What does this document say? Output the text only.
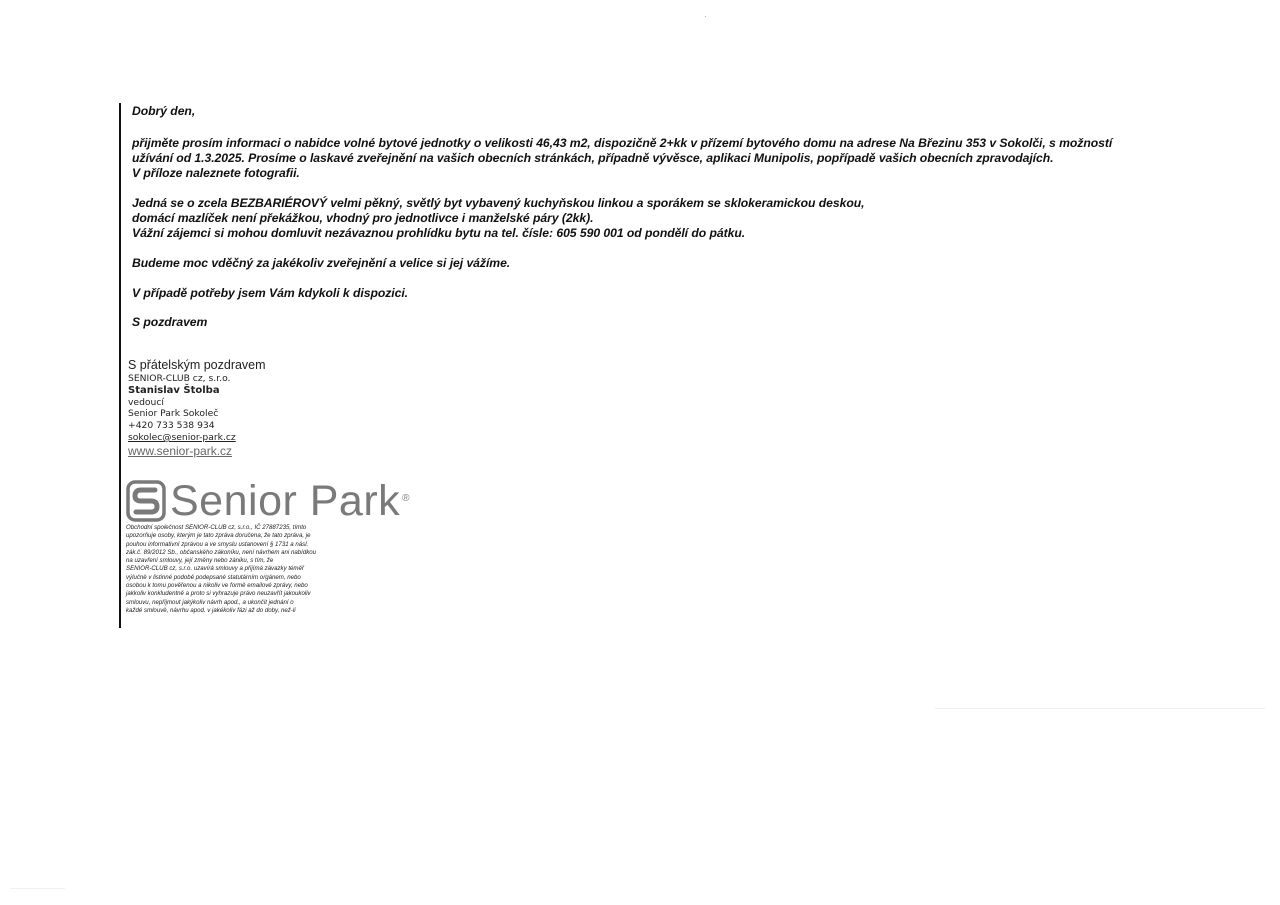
Dobrý den,

přijměte prosím informaci o nabidce volné bytové jednotky o velikosti 46,43 m2, dispozičně 2+kk v přízemí bytového domu na adrese Na Březinu 353 v Sokolči, s možností

užívání od 1.3.2025. Prosíme o laskavé zveřejnění na vašich obecních stránkách, případně vývěsce, aplikaci Munipolis, popřípadě vašich obecních zpravodajích.

V příloze naleznete fotografii.

Jedná se o zcela BEZBARIÉROVÝ velmi pěkný, světlý byt vybavený kuchyňskou linkou a sporákem se sklokeramickou deskou,

domácí mazlíček není překážkou, vhodný pro jednotlivce i manželské páry (2kk).

Vážní zájemci si mohou domluvit nezávaznou prohlídku bytu na tel. čísle: 605 590 001 od pondělí do pátku.

Budeme moc vděčný za jakékoliv zveřejnění a velice si jej vážíme.

V případě potřeby jsem Vám kdykoli k dispozici.

S pozdravem

S přátelským pozdravem
SENIOR-CLUB cz, s.r.o.
Stanislav Štolba
vedoucí
Senior Park Sokoleč
+420 733 538 934
sokolec@senior-park.cz
www.senior-park.cz
Senior Park ®
Obchodní společnost SENIOR-CLUB cz, s.r.o., IČ 27887235, tímto
upozorňuje osoby, kterým je tato zpráva doručena, že tato zpráva, je
pouhou informativní zprávou a ve smyslu ustanovení § 1731 a násl.
zák.č. 89/2012 Sb., občanského zákoníku, není návrhem ani nabídkou
na uzavření smlouvy, její změny nebo zániku, s tím, že
SENIOR-CLUB cz, s.r.o. uzavírá smlouvy a přijímá závazky téměř
výlučně v listinné podobě podepsané statutárním orgánem, nebo
osobou k tomu pověřenou a nikoliv ve formě emailové zprávy, nebo
jakkoliv konkludentně a proto si vyhrazuje právo neuzavřít jakoukoliv
smlouvu, nepřijmout jakýkoliv návrh apod., a ukončit jednání o
každé smlouvě, návrhu apod. v jakékoliv fázi až do doby, než-li
